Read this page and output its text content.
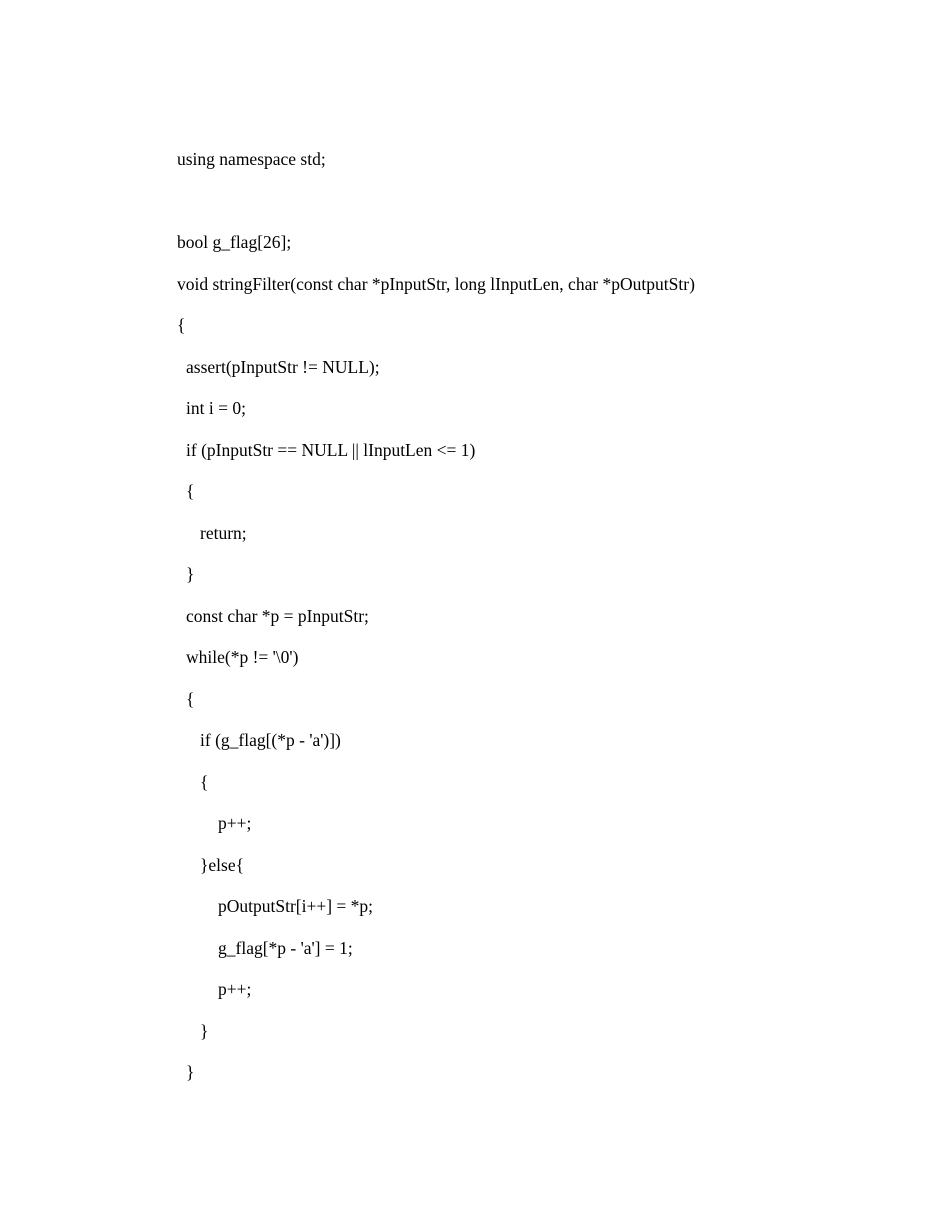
using namespace std;
bool g_flag[26];
void stringFilter(const char *pInputStr, long lInputLen, char *pOutputStr)
{
assert(pInputStr != NULL);
int i = 0;
if (pInputStr == NULL || lInputLen <= 1)
{
return;
}
const char *p = pInputStr;
while(*p != '\0')
{
if (g_flag[(*p - 'a')])
{
p++;
}else{
pOutputStr[i++] = *p;
g_flag[*p - 'a'] = 1;
p++;
}
}
